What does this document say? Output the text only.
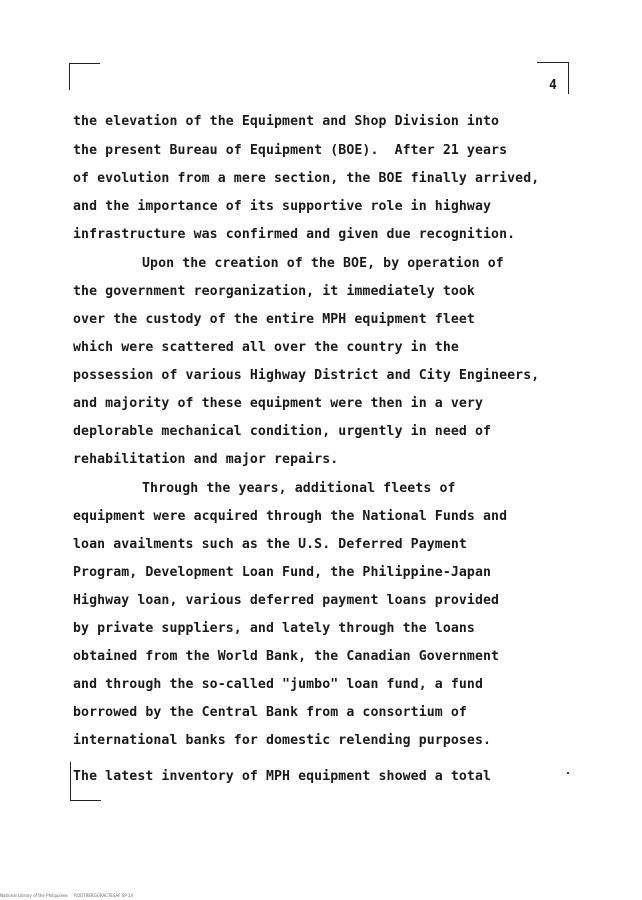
4
the elevation of the Equipment and Shop Division into
the present Bureau of Equipment (BOE).  After 21 years
of evolution from a mere section, the BOE finally arrived,
and the importance of its supportive role in highway
infrastructure was confirmed and given due recognition.
Upon the creation of the BOE, by operation of
the government reorganization, it immediately took
over the custody of the entire MPH equipment fleet
which were scattered all over the country in the
possession of various Highway District and City Engineers,
and majority of these equipment were then in a very
deplorable mechanical condition, urgently in need of
rehabilitation and major repairs.
Through the years, additional fleets of
equipment were acquired through the National Funds and
loan availments such as the U.S. Deferred Payment
Program, Development Loan Fund, the Philippine-Japan
Highway loan, various deferred payment loans provided
by private suppliers, and lately through the loans
obtained from the World Bank, the Canadian Government
and through the so-called "jumbo" loan fund, a fund
borrowed by the Central Bank from a consortium of
international banks for domestic relending purposes.
The latest inventory of MPH equipment showed a total
National Library of the Philippines     ROOTRERGGRACTESAF SP 1//
